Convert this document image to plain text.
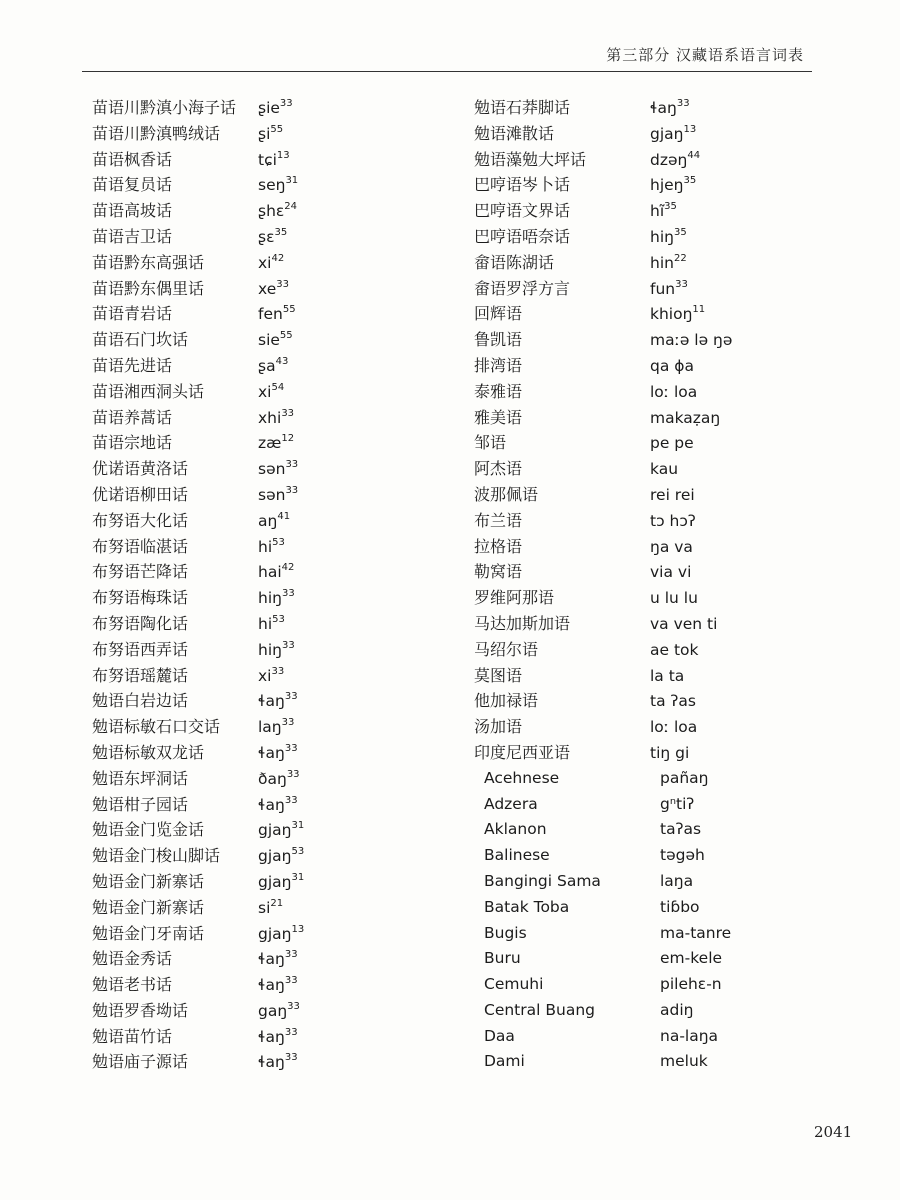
第三部分 汉藏语系语言词表
苗语川黔滇小海子话	ʂie$^{33}$
苗语川黔滇鸭绒话	ʂi$^{55}$
苗语枫香话	tɕi$^{13}$
苗语复员话	seŋ$^{31}$
苗语高坡话	ʂhɛ$^{24}$
苗语吉卫话	ʂɛ$^{35}$
苗语黔东高强话	$xi^{42}$
苗语黔东偶里话	$xe^{33}$
苗语青岩话	fen$^{55}$
苗语石门坎话	sie$^{55}$
苗语先进话	ʂa$^{43}$
苗语湘西洞头话	$xi^{54}$
苗语养蒿话	xhi$^{33}$
苗语宗地话	$zæ^{12}$
优诺语黄洛话	sən$^{33}$
优诺语柳田话	sən$^{33}$
布努语大化话	$aŋ^{41}$
布努语临湛话	$hi^{53}$
布努语芒降话	hai$^{42}$
布努语梅珠话	hiŋ$^{33}$
布努语陶化话	$hi^{53}$
布努语西弄话	hiŋ$^{33}$
布努语瑶麓话	$xi^{33}$
勉语白岩边话	ɬaŋ$^{33}$
勉语标敏石口交话	laŋ$^{33}$
勉语标敏双龙话	ɬaŋ$^{33}$
勉语东坪洞话	ðaŋ$^{33}$
勉语柑子园话	ɬaŋ$^{33}$
勉语金门览金话	gjaŋ$^{31}$
勉语金门梭山脚话	gjaŋ$^{53}$
勉语金门新寨话	gjaŋ$^{31}$
勉语金门新寨话	$si^{21}$
勉语金门牙南话	gjaŋ$^{13}$
勉语金秀话	ɬaŋ$^{33}$
勉语老书话	ɬaŋ$^{33}$
勉语罗香坳话	gaŋ$^{33}$
勉语苗竹话	ɬaŋ$^{33}$
勉语庙子源话	ɬaŋ$^{33}$
勉语石莽脚话	ɬaŋ$^{33}$
勉语滩散话	gjaŋ$^{13}$
勉语藻勉大坪话	dzəŋ$^{44}$
巴哼语岑卜话	hjeŋ$^{35}$
巴哼语文界话	$hĩ^{35}$
巴哼语唔奈话	hiŋ$^{35}$
畲语陈湖话	hin$^{22}$
畲语罗浮方言	fun$^{33}$
回辉语	khioŋ$^{11}$
鲁凯语	maːə lə ŋə
排湾语	qa ɸa
泰雅语	loː loa
雅美语	makaẓaŋ
邹语	pe pe
阿杰语	kau
波那佩语	rei rei
布兰语	tɔ hɔʔ
拉格语	ŋa va
勒窝语	via vi
罗维阿那语	u lu lu
马达加斯加语	va ven ti
马绍尔语	ae tok
莫图语	la ta
他加禄语	ta ʔas
汤加语	loː loa
印度尼西亚语	tiŋ gi
Acehnese	pañaŋ
Adzera	gⁿtiʔ
Aklanon	taʔas
Balinese	təgəh
Bangingi Sama	laŋa
Batak Toba	tiɓbo
Bugis	ma-tanre
Buru	em-kele
Cemuhi	pilehɛ-n
Central Buang	adiŋ
Daa	na-laŋa
Dami	meluk
2041
